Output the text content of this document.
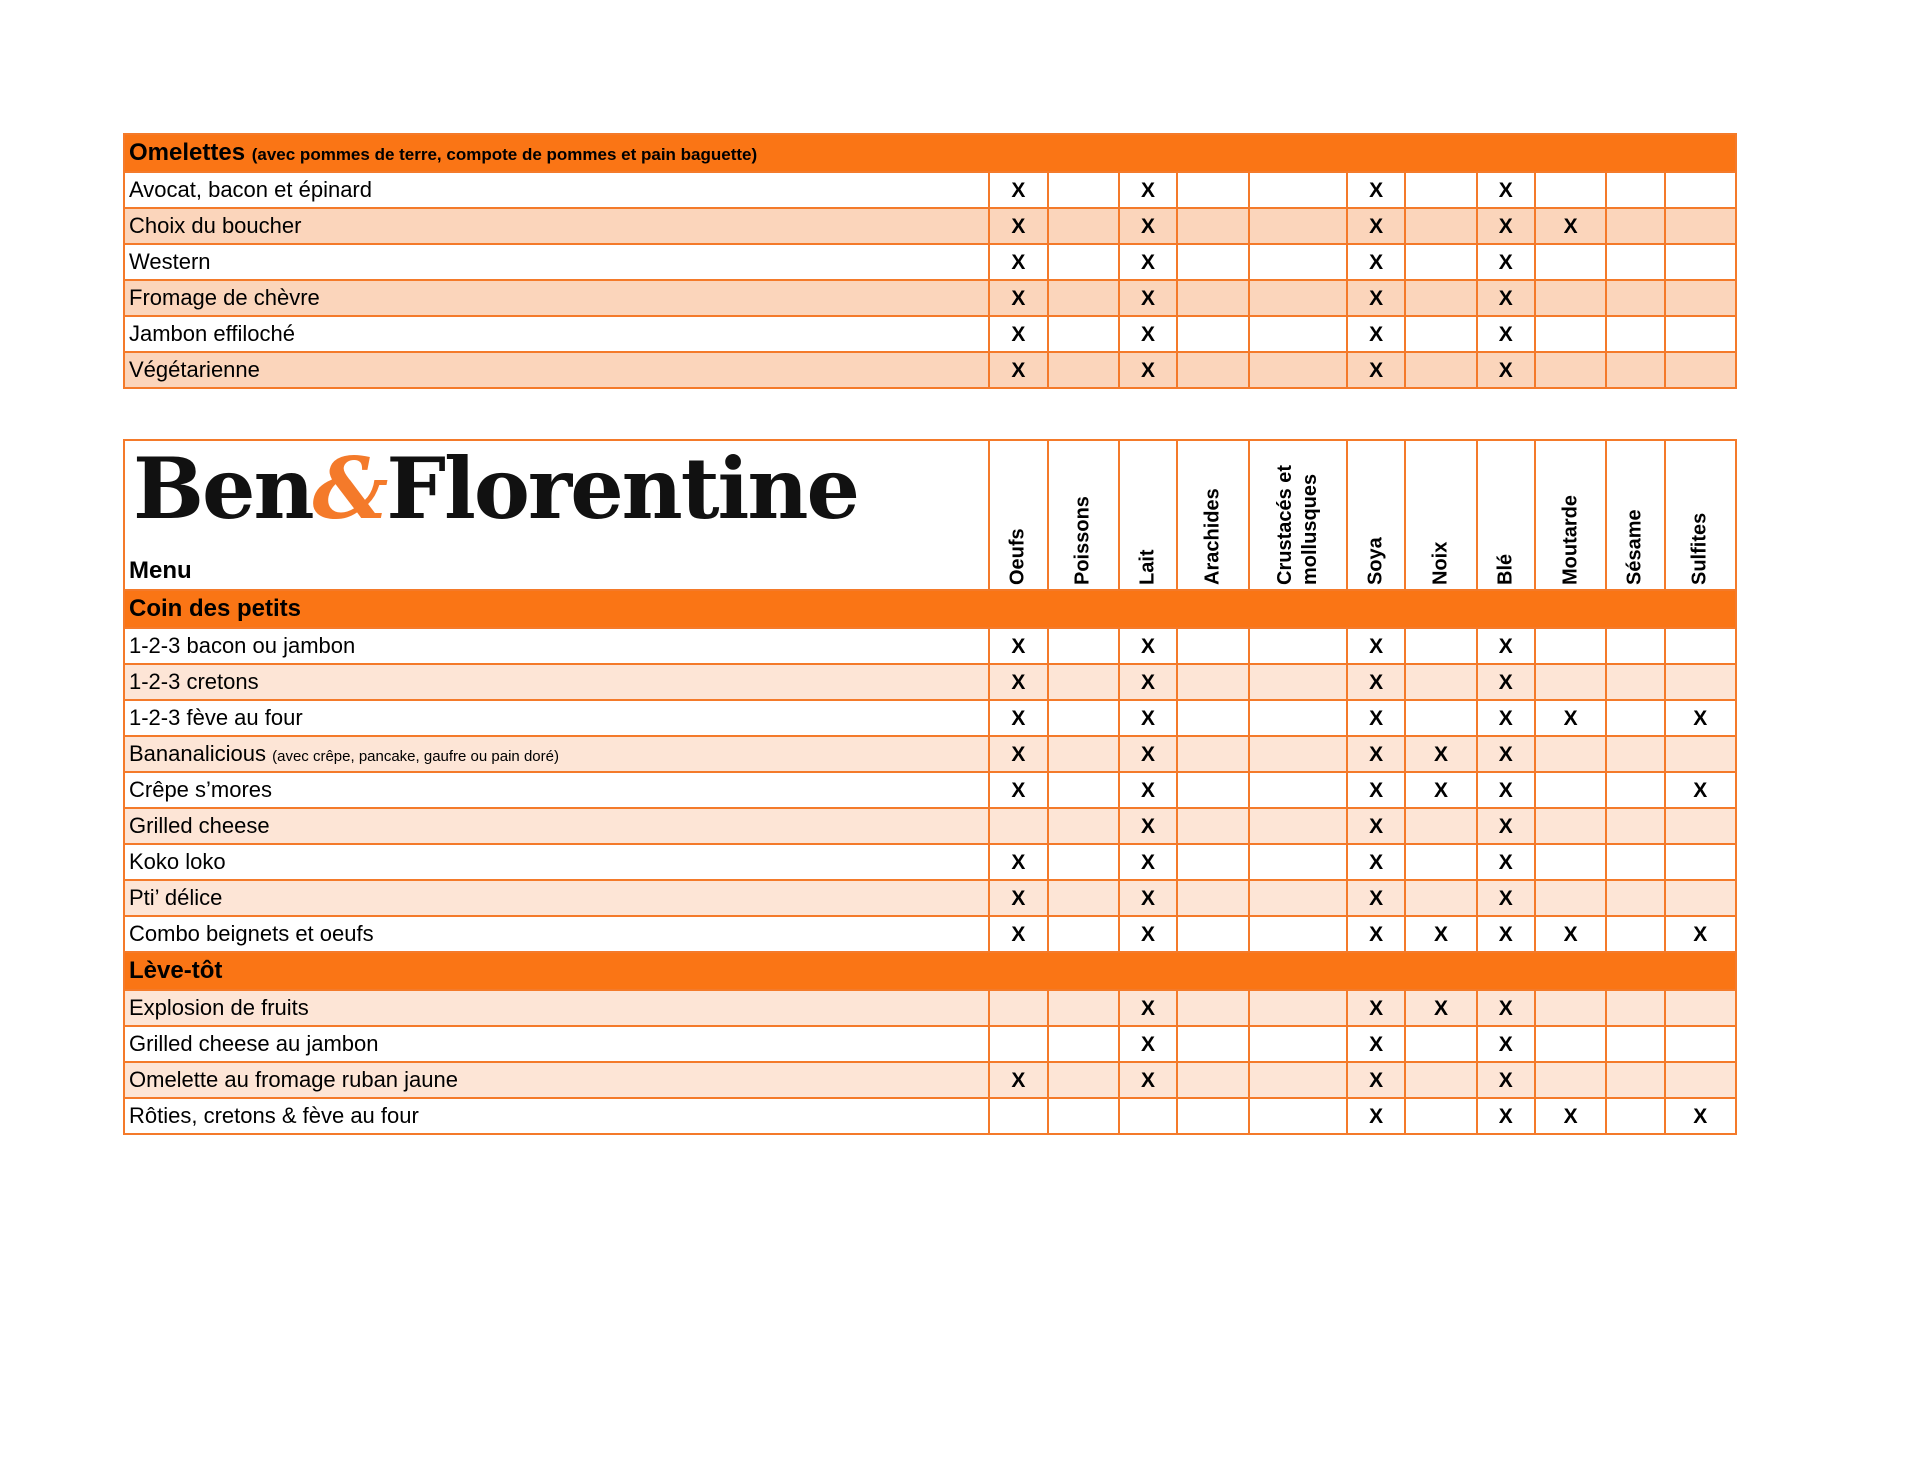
Omelettes (avec pommes de terre, compote de pommes et pain baguette)											
Avocat, bacon et épinard	X		X			X		X			
Choix du boucher	X		X			X		X	X		
Western	X		X			X		X			
Fromage de chèvre	X		X			X		X			
Jambon effiloché	X		X			X		X			
Végétarienne	X		X			X		X			
Ben&Florentine
Menu	Oeufs	Poissons	Lait	Arachides	Crustacés et mollusques	Soya	Noix	Blé	Moutarde	Sésame	Sulfites

Coin des petits											
1-2-3 bacon ou jambon	X		X			X		X			
1-2-3 cretons	X		X			X		X			
1-2-3 fève au four	X		X			X		X	X		X
Bananalicious (avec crêpe, pancake, gaufre ou pain doré)	X		X			X	X	X			
Crêpe s’mores	X		X			X	X	X			X
Grilled cheese			X			X		X			
Koko loko	X		X			X		X			
Pti’ délice	X		X			X		X			
Combo beignets et oeufs	X		X			X	X	X	X		X
Lève-tôt											
Explosion de fruits			X			X	X	X			
Grilled cheese au jambon			X			X		X			
Omelette au fromage ruban jaune	X		X			X		X			
Rôties, cretons & fève au four						X		X	X		X
